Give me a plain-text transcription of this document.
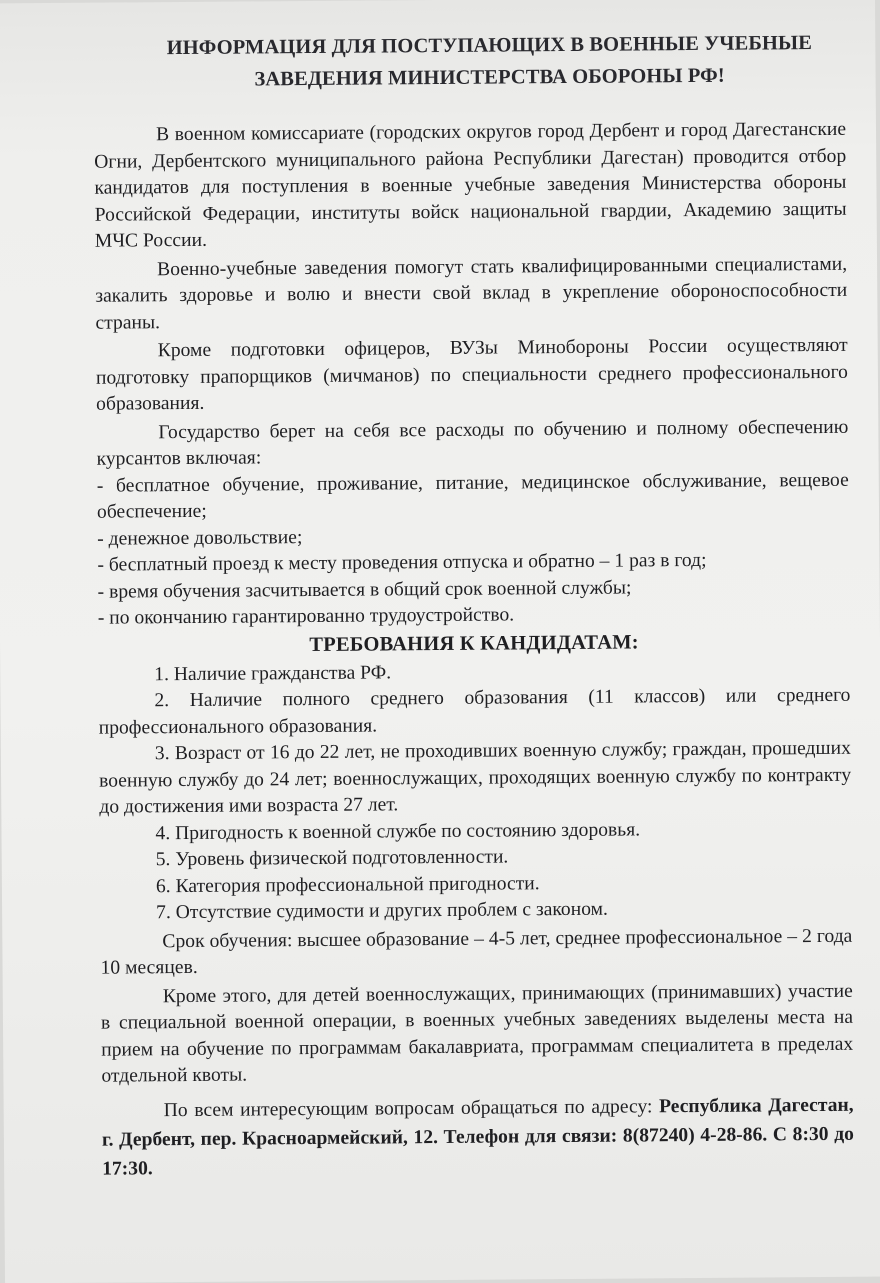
ИНФОРМАЦИЯ ДЛЯ ПОСТУПАЮЩИХ В ВОЕННЫЕ УЧЕБНЫЕ
ЗАВЕДЕНИЯ МИНИСТЕРСТВА ОБОРОНЫ РФ!

В военном комиссариате (городских округов город Дербент и город Дагестанские Огни, Дербентского муниципального района Республики Дагестан) проводится отбор кандидатов для поступления в военные учебные заведения Министерства обороны Российской Федерации, институты войск национальной гвардии, Академию защиты МЧС России.

Военно-учебные заведения помогут стать квалифицированными специалистами, закалить здоровье и волю и внести свой вклад в укрепление обороноспособности страны.

Кроме подготовки офицеров, ВУЗы Минобороны России осуществляют подготовку прапорщиков (мичманов) по специальности среднего профессионального образования.

Государство берет на себя все расходы по обучению и полному обеспечению курсантов включая:

- бесплатное обучение, проживание, питание, медицинское обслуживание, вещевое обеспечение;

- денежное довольствие;

- бесплатный проезд к месту проведения отпуска и обратно – 1 раз в год;

- время обучения засчитывается в общий срок военной службы;

- по окончанию гарантированно трудоустройство.

ТРЕБОВАНИЯ К КАНДИДАТАМ:

1. Наличие гражданства РФ.

2. Наличие полного среднего образования (11 классов) или среднего профессионального образования.

3. Возраст от 16 до 22 лет, не проходивших военную службу; граждан, прошедших военную службу до 24 лет; военнослужащих, проходящих военную службу по контракту до достижения ими возраста 27 лет.

4. Пригодность к военной службе по состоянию здоровья.

5. Уровень физической подготовленности.

6. Категория профессиональной пригодности.

7. Отсутствие судимости и других проблем с законом.

Срок обучения: высшее образование – 4-5 лет, среднее профессиональное – 2 года 10 месяцев.

Кроме этого, для детей военнослужащих, принимающих (принимавших) участие в специальной военной операции, в военных учебных заведениях выделены места на прием на обучение по программам бакалавриата, программам специалитета в пределах отдельной квоты.

По всем интересующим вопросам обращаться по адресу: Республика Дагестан, г. Дербент, пер. Красноармейский, 12. Телефон для связи: 8(87240) 4-28-86. С 8:30 до 17:30.
